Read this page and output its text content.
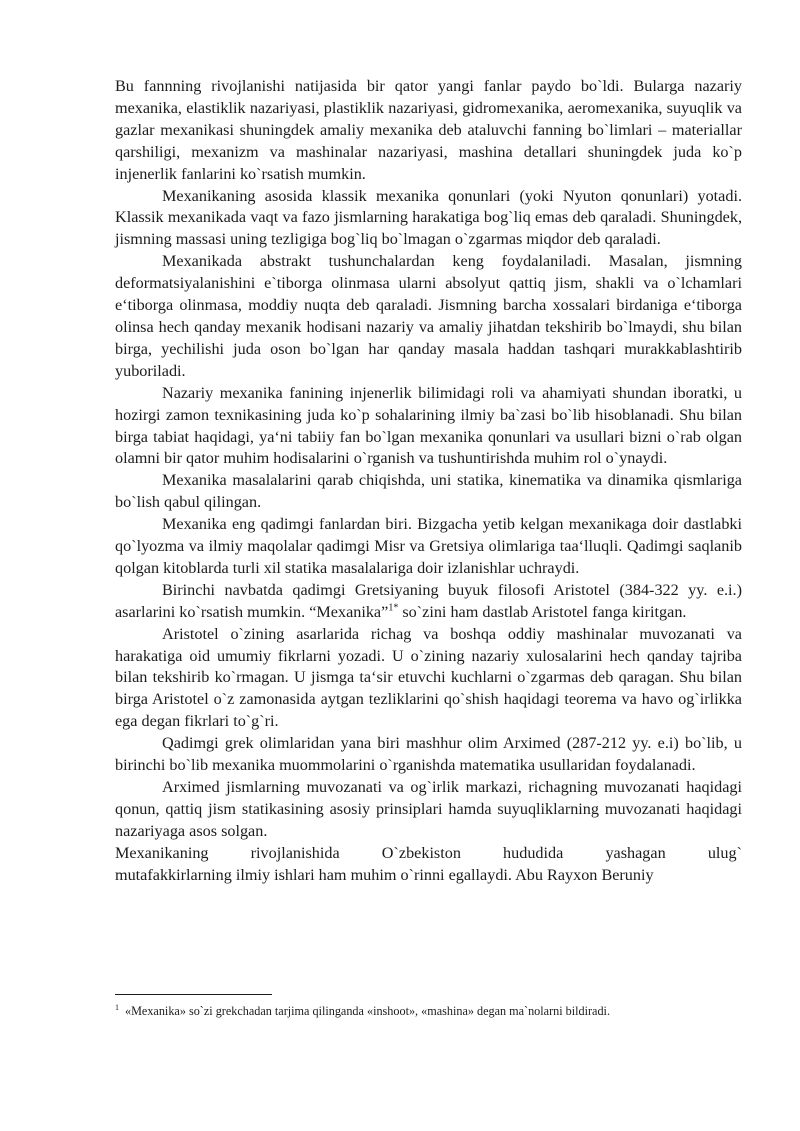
Bu fannning rivojlanishi natijasida bir qator yangi fanlar paydo bo`ldi. Bularga nazariy mexanika, elastiklik nazariyasi, plastiklik nazariyasi, gidromexanika, aeromexanika, suyuqlik va gazlar mexanikasi shuningdek amaliy mexanika deb ataluvchi fanning bo`limlari – materiallar qarshiligi, mexanizm va mashinalar nazariyasi, mashina detallari shuningdek juda ko`p injenerlik fanlarini ko`rsatish mumkin.

Mexanikaning asosida klassik mexanika qonunlari (yoki Nyuton qonunlari) yotadi. Klassik mexanikada vaqt va fazo jismlarning harakatiga bog`liq emas deb qaraladi. Shuningdek, jismning massasi uning tezligiga bog`liq bo`lmagan o`zgarmas miqdor deb qaraladi.

Mexanikada abstrakt tushunchalardan keng foydalaniladi. Masalan, jismning deformatsiyalanishini e`tiborga olinmasa ularni absolyut qattiq jism, shakli va o`lchamlari e‘tiborga olinmasa, moddiy nuqta deb qaraladi. Jismning barcha xossalari birdaniga e‘tiborga olinsa hech qanday mexanik hodisani nazariy va amaliy jihatdan tekshirib bo`lmaydi, shu bilan birga, yechilishi juda oson bo`lgan har qanday masala haddan tashqari murakkablashtirib yuboriladi.

Nazariy mexanika fanining injenerlik bilimidagi roli va ahamiyati shundan iboratki, u hozirgi zamon texnikasining juda ko`p sohalarining ilmiy ba`zasi bo`lib hisoblanadi. Shu bilan birga tabiat haqidagi, ya‘ni tabiiy fan bo`lgan mexanika qonunlari va usullari bizni o`rab olgan olamni bir qator muhim hodisalarini o`rganish va tushuntirishda muhim rol o`ynaydi.

Mexanika masalalarini qarab chiqishda, uni statika, kinematika va dinamika qismlariga bo`lish qabul qilingan.

Mexanika eng qadimgi fanlardan biri. Bizgacha yetib kelgan mexanikaga doir dastlabki qo`lyozma va ilmiy maqolalar qadimgi Misr va Gretsiya olimlariga taa‘lluqli. Qadimgi saqlanib qolgan kitoblarda turli xil statika masalalariga doir izlanishlar uchraydi.

Birinchi navbatda qadimgi Gretsiyaning buyuk filosofi Aristotel (384-322 yy. e.i.) asarlarini ko`rsatish mumkin. “Mexanika”$^{1*}$ so`zini ham dastlab Aristotel fanga kiritgan.

Aristotel o`zining asarlarida richag va boshqa oddiy mashinalar muvozanati va harakatiga oid umumiy fikrlarni yozadi. U o`zining nazariy xulosalarini hech qanday tajriba bilan tekshirib ko`rmagan. U jismga ta‘sir etuvchi kuchlarni o`zgarmas deb qaragan. Shu bilan birga Aristotel o`z zamonasida aytgan tezliklarini qo`shish haqidagi teorema va havo og`irlikka ega degan fikrlari to`g`ri.

Qadimgi grek olimlaridan yana biri mashhur olim Arximed (287-212 yy. e.i) bo`lib, u birinchi bo`lib mexanika muommolarini o`rganishda matematika usullaridan foydalanadi.

Arximed jismlarning muvozanati va og`irlik markazi, richagning muvozanati haqidagi qonun, qattiq jism statikasining asosiy prinsiplari hamda suyuqliklarning muvozanati haqidagi nazariyaga asos solgan.

Mexanikaning rivojlanishida O`zbekiston hududida yashagan ulug`

mutafakkirlarning ilmiy ishlari ham muhim o`rinni egallaydi. Abu Rayxon Beruniy

$^1$ «Mexanika» so`zi grekchadan tarjima qilinganda «inshoot», «mashina» degan ma`nolarni bildiradi.
